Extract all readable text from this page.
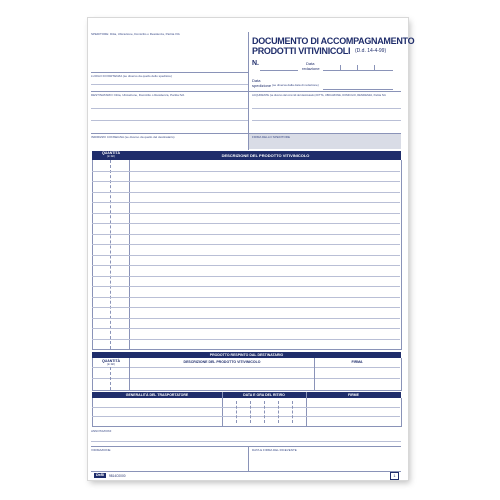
SPEDITORE: Ditta, Ubicazione, Domicilio o Residenza, Partita IVA
DOCUMENTO DI ACCOMPAGNAMENTO
PRODOTTI VITIVINICOLI (D.d. 14-4-99)
N.	Data
redazione
Data
spedizione (se diversa dalla data di redazione)
LUOGO DI PARTENZA (se diverso da quello dello speditore)
DESTINATARIO: Ditta, Ubicazione, Domicilio o Residenza, Partita IVA	ACQUIRENTE (se diverso dal committ del destinatario) DITTA, UBICAZIONE, DOMICILIO, RESIDENZA, Partita IVA
INDIRIZZO CONSEGNA (se diverso da quello del destinatario)	FIRMA DELLO SPEDITORE
QUANTITÀ
(in litri)	DESCRIZIONE DEL PRODOTTO VITIVINICOLO
PRODOTTO RESPINTO DAL DESTINATARIO
QUANTITÀ
(in litri)
DESCRIZIONE DEL PRODOTTO VITIVINICOLO	FIRMA
GENERALITÀ DEL TRASPORTATORE	DATA E ORA DEL RITIRO	FIRME
ANNOTAZIONI
VIDIMAZIONE	DATA E FIRMA DEL RICEVENTE
DeBi	9814C0000	1
